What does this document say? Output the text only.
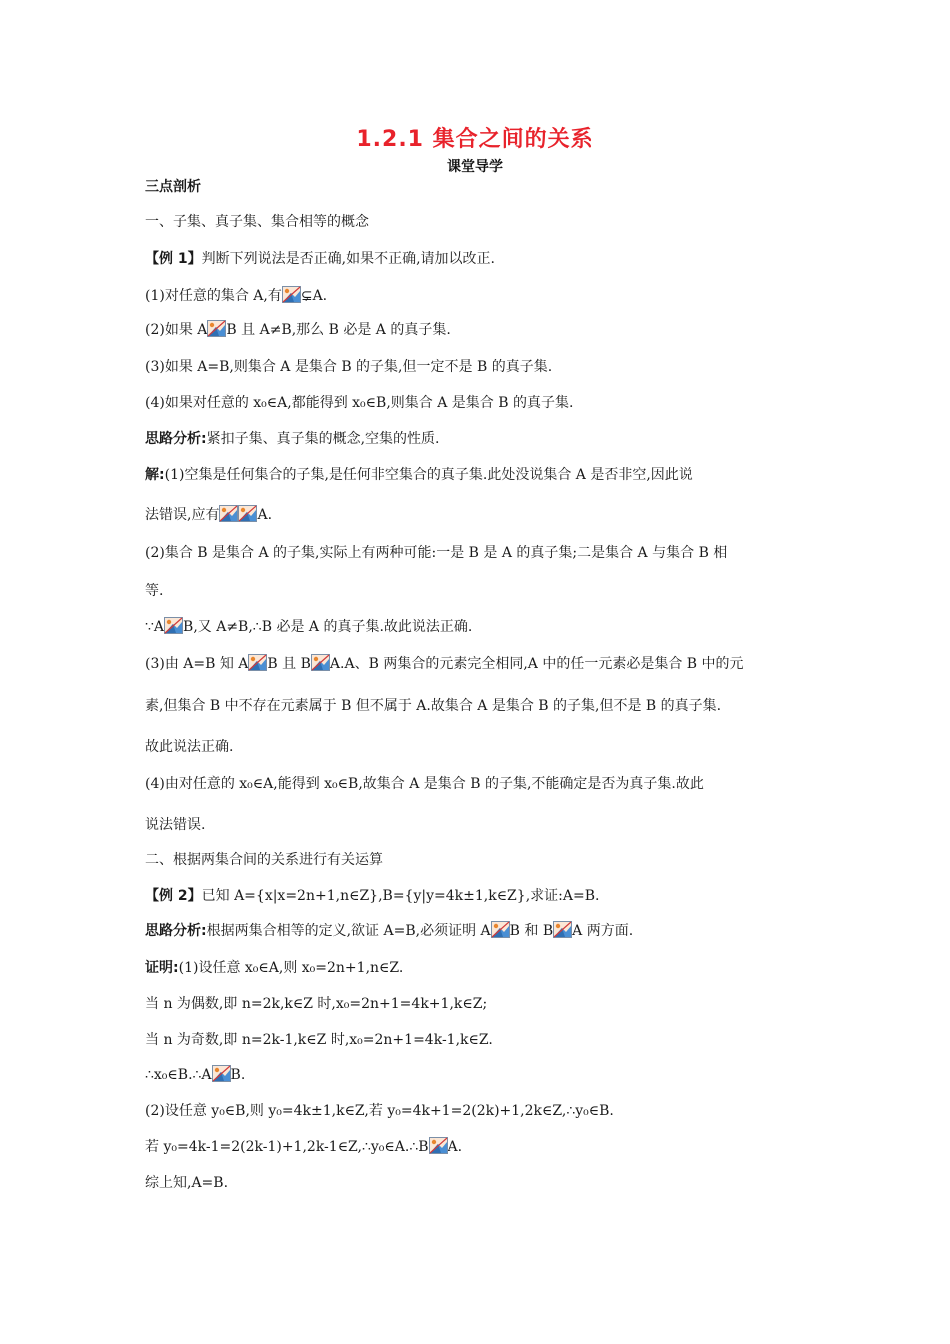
1.2.1 集合之间的关系
课堂导学
三点剖析
一、子集、真子集、集合相等的概念
【例 1】判断下列说法是否正确,如果不正确,请加以改正.
(1)对任意的集合 A,有 ⊊A.
(2)如果 A B 且 A≠B,那么 B 必是 A 的真子集.
(3)如果 A=B,则集合 A 是集合 B 的子集,但一定不是 B 的真子集.
(4)如果对任意的 x₀∈A,都能得到 x₀∈B,则集合 A 是集合 B 的真子集.
思路分析:紧扣子集、真子集的概念,空集的性质.
解:(1)空集是任何集合的子集,是任何非空集合的真子集.此处没说集合 A 是否非空,因此说
法错误,应有	A.
(2)集合 B 是集合 A 的子集,实际上有两种可能:一是 B 是 A 的真子集;二是集合 A 与集合 B 相
等.
∵A B,又 A≠B,∴B 必是 A 的真子集.故此说法正确.
(3)由 A=B 知 A B 且 B A.A、B 两集合的元素完全相同,A 中的任一元素必是集合 B 中的元
素,但集合 B 中不存在元素属于 B 但不属于 A.故集合 A 是集合 B 的子集,但不是 B 的真子集.
故此说法正确.
(4)由对任意的 x₀∈A,能得到 x₀∈B,故集合 A 是集合 B 的子集,不能确定是否为真子集.故此
说法错误.
二、根据两集合间的关系进行有关运算
【例 2】已知 A={x|x=2n+1,n∈Z},B={y|y=4k±1,k∈Z},求证:A=B.
思路分析:根据两集合相等的定义,欲证 A=B,必须证明 A B 和 B A 两方面.
证明:(1)设任意 x₀∈A,则 x₀=2n+1,n∈Z.
当 n 为偶数,即 n=2k,k∈Z 时,x₀=2n+1=4k+1,k∈Z;
当 n 为奇数,即 n=2k-1,k∈Z 时,x₀=2n+1=4k-1,k∈Z.
∴x₀∈B.∴A B.
(2)设任意 y₀∈B,则 y₀=4k±1,k∈Z,若 y₀=4k+1=2(2k)+1,2k∈Z,∴y₀∈B.
若 y₀=4k-1=2(2k-1)+1,2k-1∈Z,∴y₀∈A.∴B A.
综上知,A=B.
